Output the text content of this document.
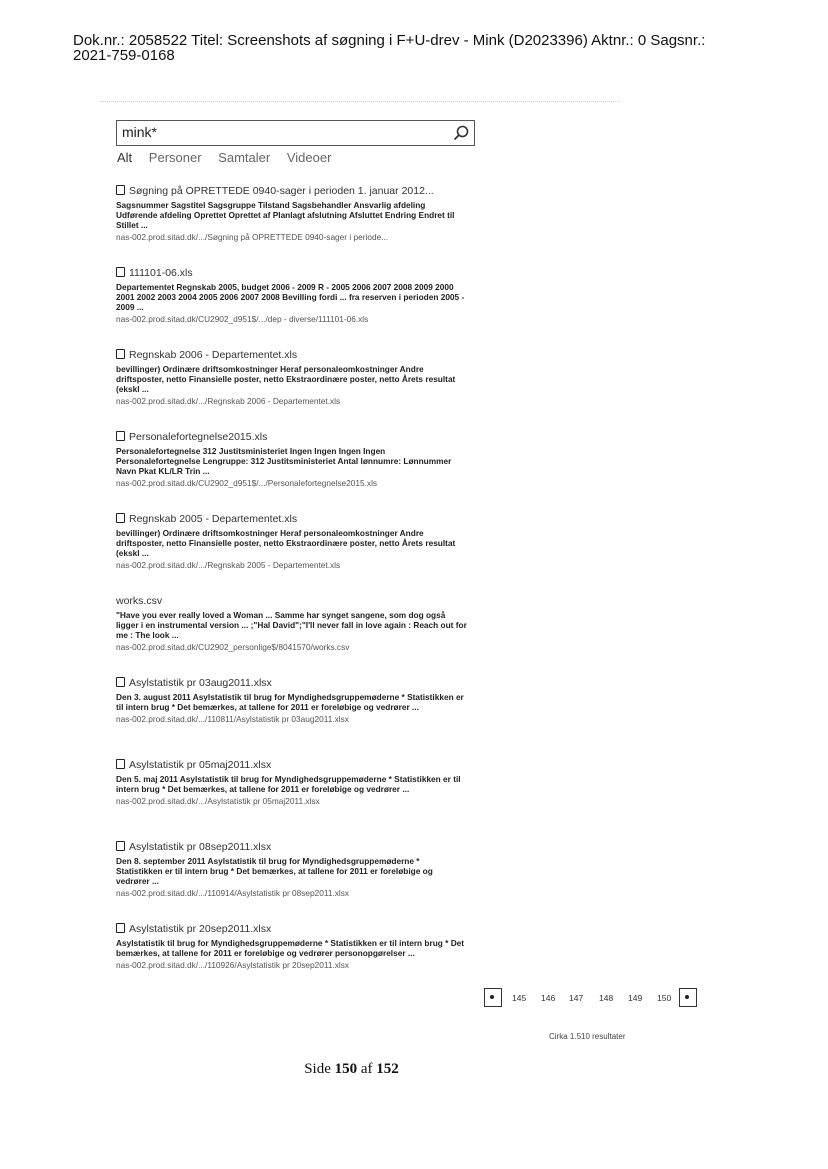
Dok.nr.: 2058522 Titel: Screenshots af søgning i F+U-drev - Mink (D2023396) Aktnr.: 0 Sagsnr.:
2021-759-0168
mink*
Alt Personer Samtaler Videoer
Søgning på OPRETTEDE 0940-sager i perioden 1. januar 2012...
Sagsnummer Sagstitel Sagsgruppe Tilstand Sagsbehandler Ansvarlig afdeling Udførende afdeling Oprettet Oprettet af Planlagt afslutning Afsluttet Endring Endret til Stillet ...
nas-002.prod.sitad.dk/.../Søgning på OPRETTEDE 0940-sager i periode...
111101-06.xls
Departementet Regnskab 2005, budget 2006 - 2009 R - 2005 2006 2007 2008 2009 2000 2001 2002 2003 2004 2005 2006 2007 2008 Bevilling fordi ... fra reserven i perioden 2005 - 2009 ...
nas-002.prod.sitad.dk/CU2902_d951$/.../dep - diverse/111101-06.xls
Regnskab 2006 - Departementet.xls
bevillinger) Ordinære driftsomkostninger Heraf personaleomkostninger Andre driftsposter, netto Finansielle poster, netto Ekstraordinære poster, netto Årets resultat (ekskl ...
nas-002.prod.sitad.dk/.../Regnskab 2006 - Departementet.xls
Personalefortegnelse2015.xls
Personalefortegnelse 312 Justitsministeriet Ingen Ingen Ingen Ingen Personalefortegnelse Lengruppe: 312 Justitsministeriet Antal lønnumre: Lønnummer Navn Pkat KL/LR Trin ...
nas-002.prod.sitad.dk/CU2902_d951$/.../Personalefortegnelse2015.xls
Regnskab 2005 - Departementet.xls
bevillinger) Ordinære driftsomkostninger Heraf personaleomkostninger Andre driftsposter, netto Finansielle poster, netto Ekstraordinære poster, netto Årets resultat (ekskl ...
nas-002.prod.sitad.dk/.../Regnskab 2005 - Departementet.xls
works.csv
"Have you ever really loved a Woman ... Samme har synget sangene, som dog også ligger i en instrumental version ... ;"Hal David";"I'll never fall in love again : Reach out for me : The look ...
nas-002.prod.sitad.dk/CU2902_personlige$/8041570/works.csv
Asylstatistik pr 03aug2011.xlsx
Den 3. august 2011 Asylstatistik til brug for Myndighedsgruppemøderne * Statistikken er til intern brug * Det bemærkes, at tallene for 2011 er foreløbige og vedrører ...
nas-002.prod.sitad.dk/.../110811/Asylstatistik pr 03aug2011.xlsx
Asylstatistik pr 05maj2011.xlsx
Den 5. maj 2011 Asylstatistik til brug for Myndighedsgruppemøderne * Statistikken er til intern brug * Det bemærkes, at tallene for 2011 er foreløbige og vedrører ...
nas-002.prod.sitad.dk/.../Asylstatistik pr 05maj2011.xlsx
Asylstatistik pr 08sep2011.xlsx
Den 8. september 2011 Asylstatistik til brug for Myndighedsgruppemøderne * Statistikken er til intern brug * Det bemærkes, at tallene for 2011 er foreløbige og vedrører ...
nas-002.prod.sitad.dk/.../110914/Asylstatistik pr 08sep2011.xlsx
Asylstatistik pr 20sep2011.xlsx
Asylstatistik til brug for Myndighedsgruppemøderne * Statistikken er til intern brug * Det bemærkes, at tallene for 2011 er foreløbige og vedrører personopgørelser ...
nas-002.prod.sitad.dk/.../110926/Asylstatistik pr 20sep2011.xlsx
145 146 147 148 149 150
Cirka 1.510 resultater
Side 150 af 152
